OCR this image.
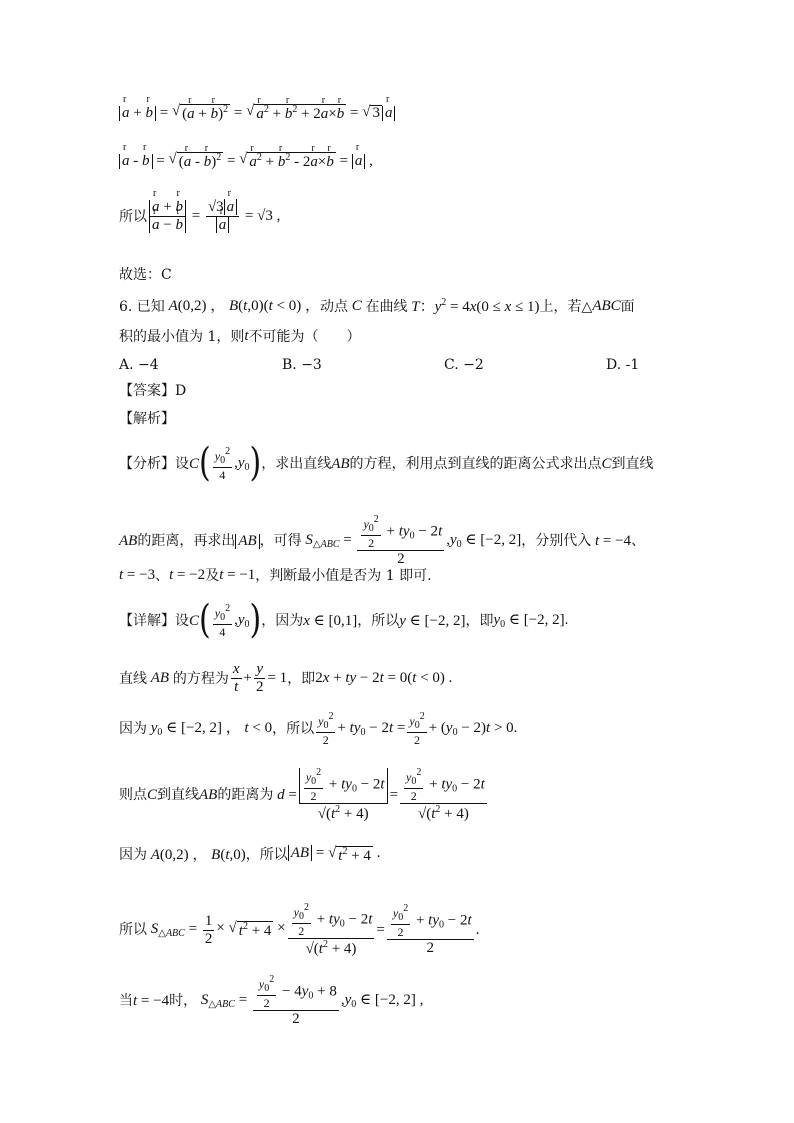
r a + r b = √ (r a + r b)$^2$ = √ r $a^2 + r$ $b^2 + 2r$ a×r b = √ 3 r a
r a - r b = √ (r a - r b)$^2$ = √ r $a^2 + r$ $b^2 - 2r$ a×r b = r a ,
所以 r a + r b
r a − r b = √3 r a
r a = √3 ,
故选：C
6. 已知 A(0,2) ， B(t,0)(t < 0) ， 动点 C 在曲线 T：$y^2 = 4x(0 \le x \le 1)$ 上，若△ ABC 面
积的最小值为 1，则 t 不可能为（　　）
A. −4	B. −3	C. −2	D. -1
【答案】D
【解析】
【分析】设 C ( $\frac{y_0^2}{4} ,y_0$ ) ，求出直线 AB 的方程，利用点到直线的距离公式求出点 C 到直线
AB 的距离，再求出 AB ，可得 $S_{\triangle ABC} = \frac{\frac{y_0^2}{2} + ty_0 - 2t}{2} ,y_0$ ∈ [−2, 2] ，分别代入 t = −4 、
t = −3 、 t = −2 及 t = −1 ，判断最小值是否为 1 即可.
【详解】设 C ( $\frac{y_0^2}{4} ,y_0$ ) ，因为 x ∈ [0,1] ，所以 y ∈ [−2, 2] ，即 $y_0$ ∈ [−2, 2].
直线 AB 的方程为 $\frac{x}{t} + \frac{y}{2} = 1$ ，即 2x + ty − 2t = 0(t < 0) .
因为 $y_0$ ∈ [−2, 2] ， t < 0 ， 所以 $\frac{y_0^2}{2} + ty_0 - 2t = \frac{y_0^2}{2} + (y_0 - 2)t > 0$.
则点 C 到直线 AB 的距离为 $d = \frac{\frac{y_0^2}{2} + ty_0 - 2t}{√(t^2 + 4)} = \frac{\frac{y_0^2}{2} + ty_0 - 2t}{√(t^2 + 4)}$
因为 A(0,2) ， B(t,0) ， 所以 AB = √ $t^2 + 4$ .
所以 $S_{\triangle ABC} = \frac{1}{2}$ × √ $t^2 + 4 \times \frac{\frac{y_0^2}{2} + ty_0 - 2t}{√(t^2 + 4)} = \frac{\frac{y_0^2}{2} + ty_0 - 2t}{2}$ .
当 t = −4 时， $S_{\triangle ABC} = \frac{\frac{y_0^2}{2} - 4y_0 + 8}{2} ,y_0$ ∈ [−2, 2] ,
